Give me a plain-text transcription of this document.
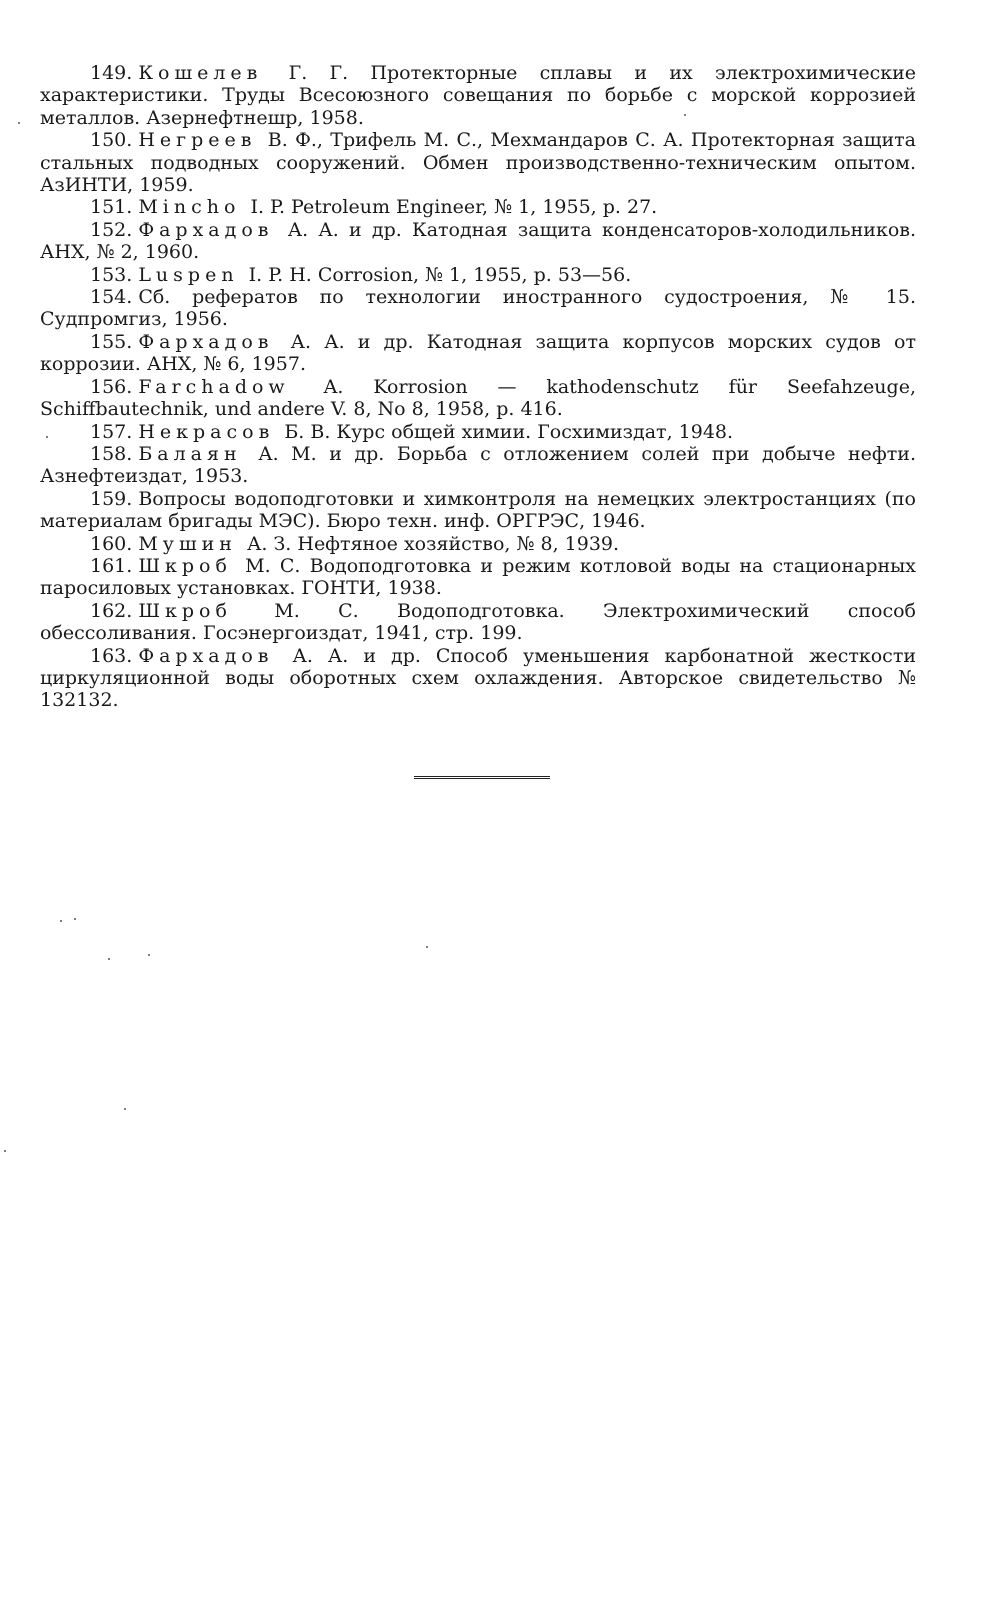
149. Кошелев Г. Г. Протекторные сплавы и их электрохимические характеристики. Труды Всесоюзного совещания по борьбе с морской коррозией металлов. Азернефтнешр, 1958.

150. Негреев В. Ф., Трифель М. С., Мехмандаров С. А. Протекторная защита стальных подводных сооружений. Обмен производственно-техническим опытом. АзИНТИ, 1959.

151. Mincho I. P. Petroleum Engineer, № 1, 1955, p. 27.

152. Фархадов А. А. и др. Катодная защита конденсаторов-холодильников. АНХ, № 2, 1960.

153. Luspen I. P. H. Corrosion, № 1, 1955, p. 53—56.

154. Сб. рефератов по технологии иностранного судостроения, № 15. Судпромгиз, 1956.

155. Фархадов А. А. и др. Катодная защита корпусов морских судов от коррозии. АНХ, № 6, 1957.

156. Farchadow A. Korrosion — kathodenschutz für Seefahzeuge, Schiffbautechnik, und andere V. 8, No 8, 1958, p. 416.

157. Некрасов Б. В. Курс общей химии. Госхимиздат, 1948.

158. Балаян А. М. и др. Борьба с отложением солей при добыче нефти. Азнефтеиздат, 1953.

159. Вопросы водоподготовки и химконтроля на немецких электростанциях (по материалам бригады МЭС). Бюро техн. инф. ОРГРЭС, 1946.

160. Мушин А. З. Нефтяное хозяйство, № 8, 1939.

161. Шкроб М. С. Водоподготовка и режим котловой воды на стационарных паросиловых установках. ГОНТИ, 1938.

162. Шкроб М. С. Водоподготовка. Электрохимический способ обессоливания. Госэнергоиздат, 1941, стр. 199.

163. Фархадов А. А. и др. Способ уменьшения карбонатной жесткости циркуляционной воды оборотных схем охлаждения. Авторское свидетельство № 132132.
